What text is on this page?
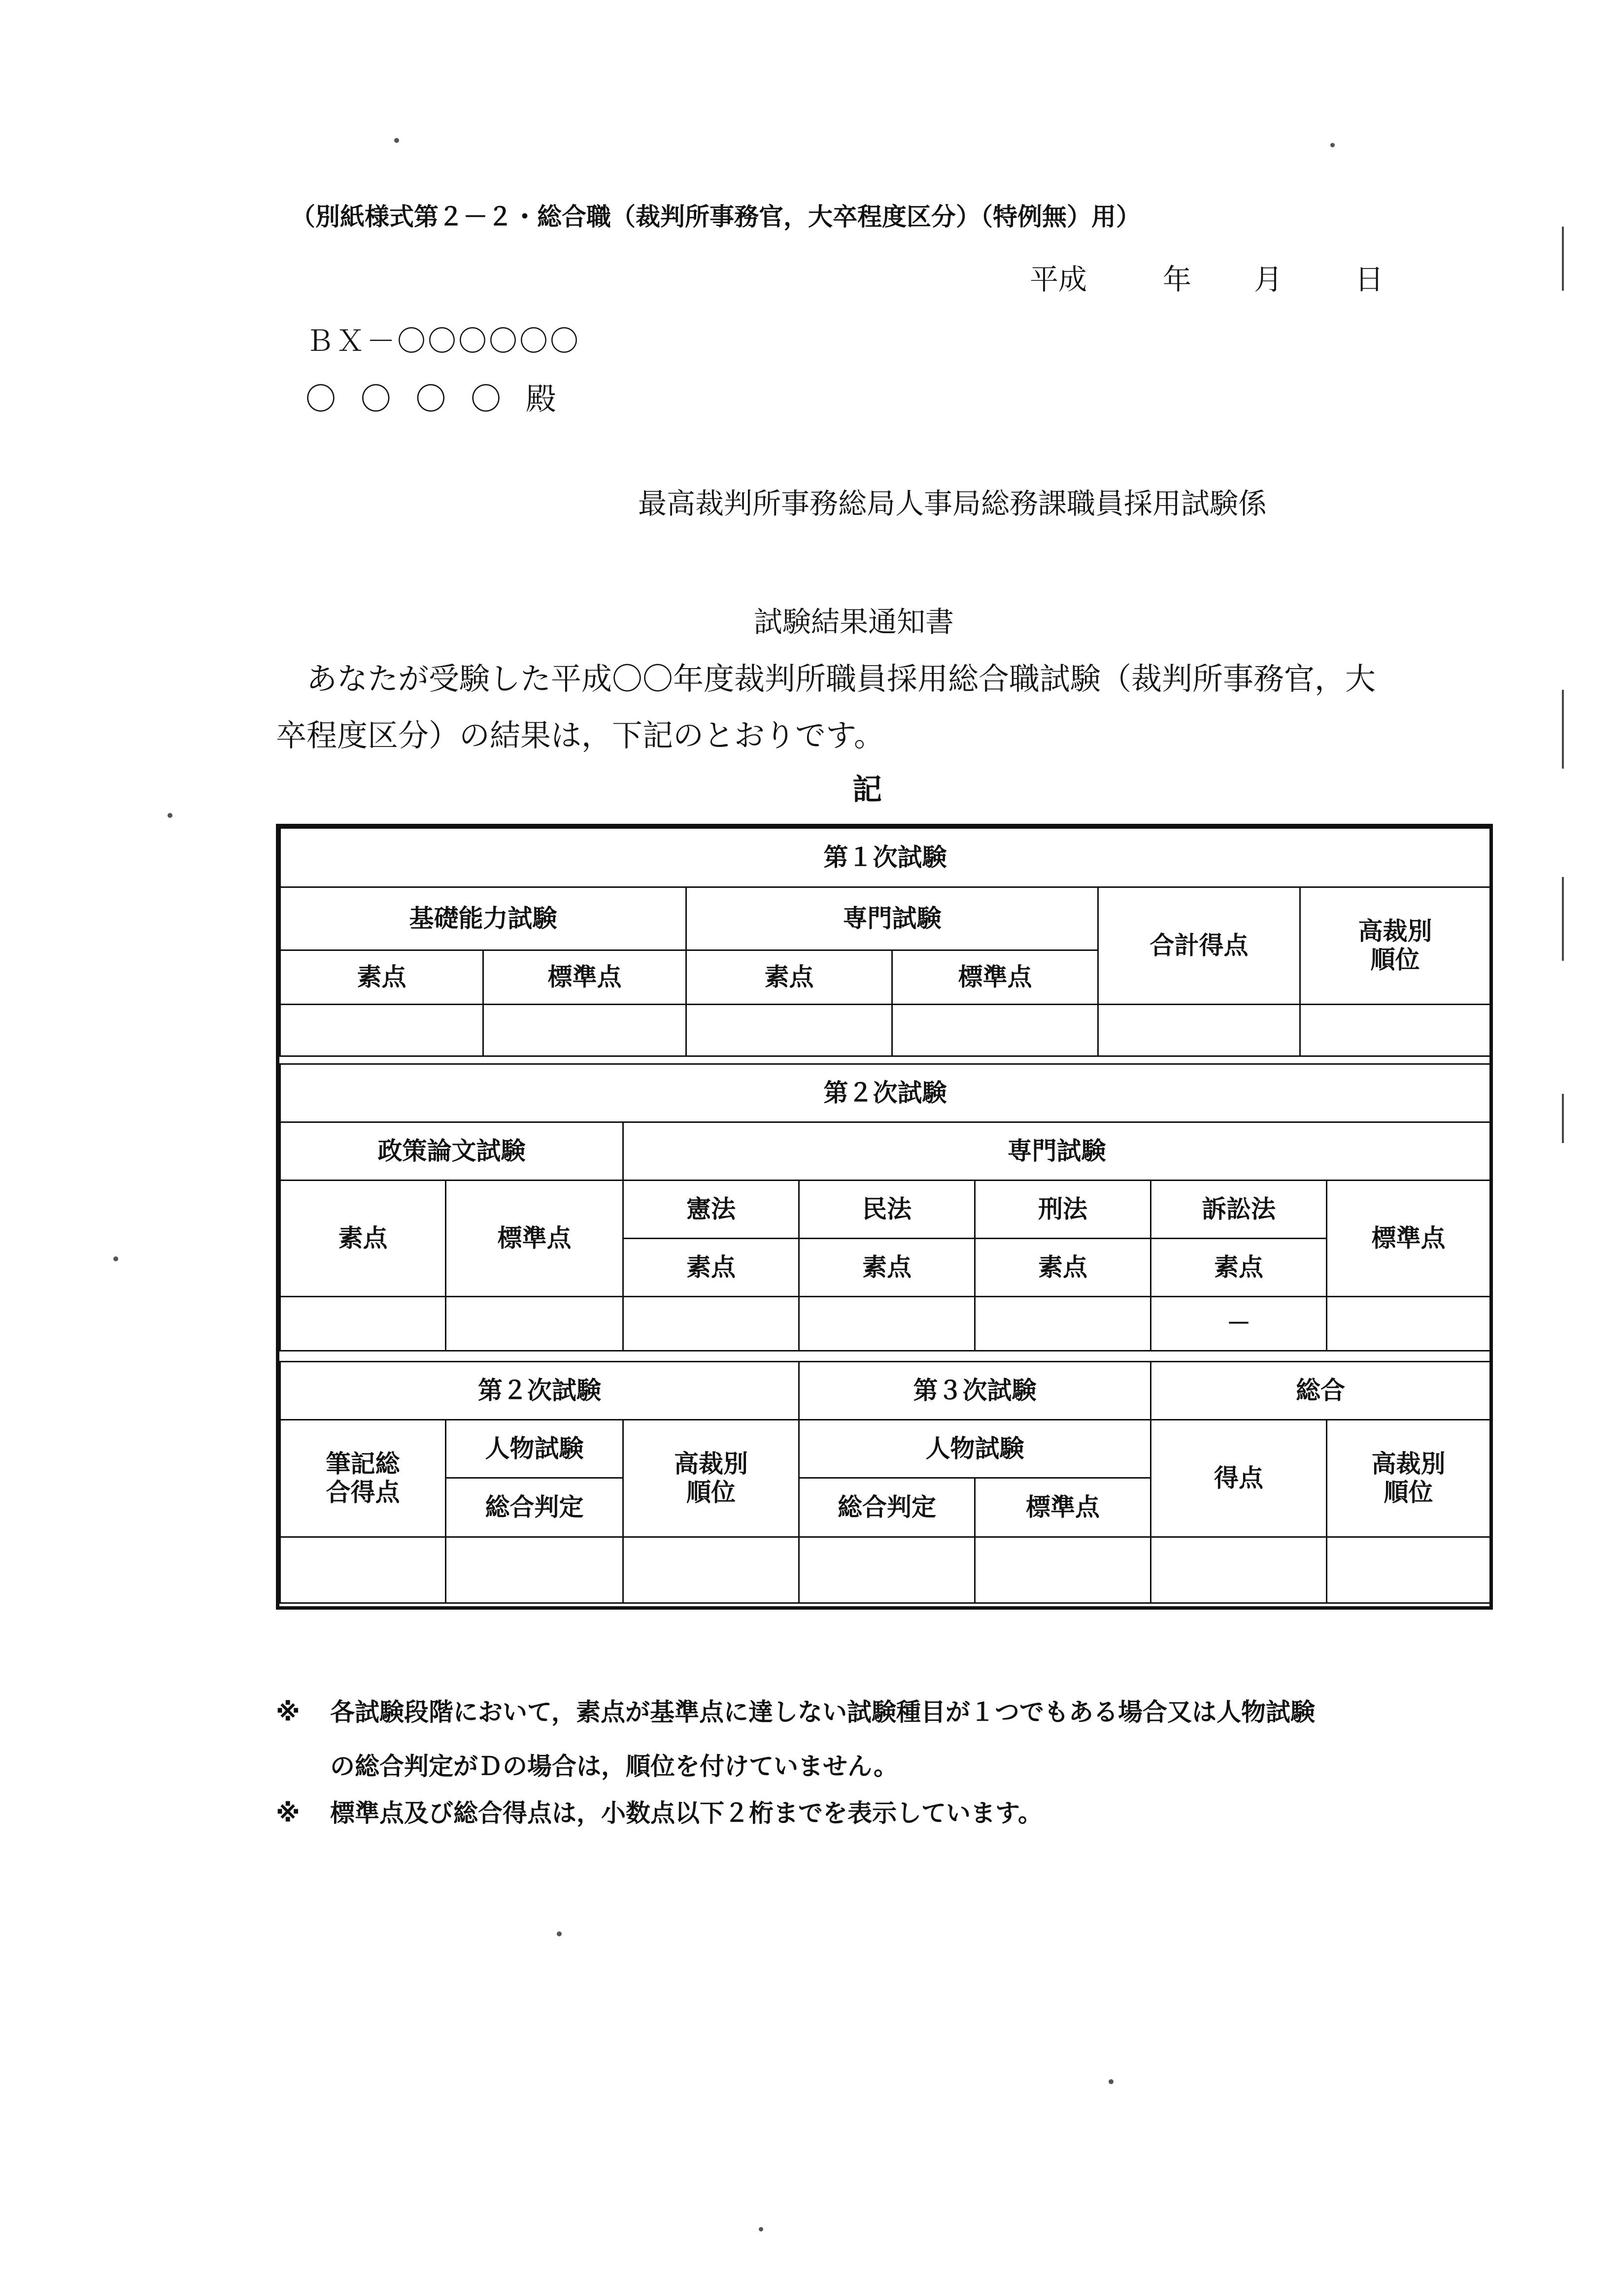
（別紙様式第２－２・総合職（裁判所事務官，大卒程度区分）（特例無）用）
平成	年 月	日
ＢＸ－〇〇〇〇〇〇
〇 〇 〇 〇 殿
最高裁判所事務総局人事局総務課職員採用試験係
試験結果通知書
あなたが受験した平成〇〇年度裁判所職員採用総合職試験（裁判所事務官，大
卒程度区分）の結果は，下記のとおりです。
記
第１次試験					
基礎能力試験		専門試験		合計得点	高裁別順位
素点	標準点	素点	標準点		

第２次試験						
政策論文試験		専門試験				
素点	標準点	憲法	民法	刑法	訴訟法	標準点
		素点	素点	素点	素点	
					－	
第２次試験			第３次試験		総合	
筆記総合得点	人物試験	高裁別順位	人物試験		得点	高裁別順位
	総合判定		総合判定	標準点		

※ 各試験段階において，素点が基準点に達しない試験種目が１つでもある場合又は人物試験
の総合判定がＤの場合は，順位を付けていません。
※ 標準点及び総合得点は，小数点以下２桁までを表示しています。
